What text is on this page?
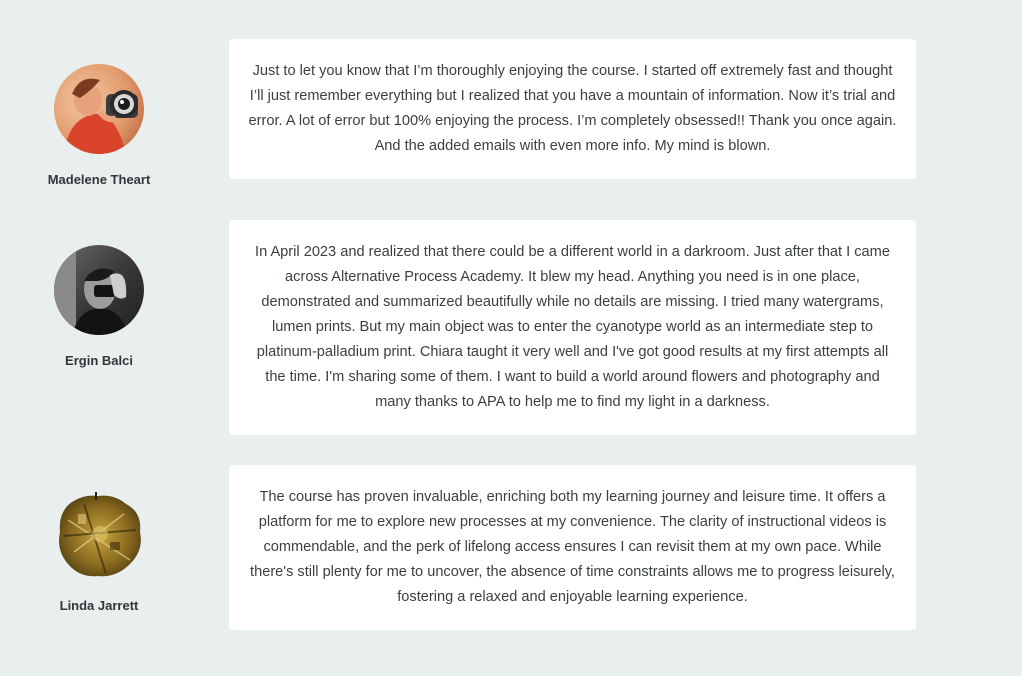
Madelene Theart

Just to let you know that I’m thoroughly enjoying the course. I started off extremely fast and thought I’ll just remember everything but I realized that you have a mountain of information. Now it’s trial and error. A lot of error but 100% enjoying the process. I’m completely obsessed!! Thank you once again. And the added emails with even more info. My mind is blown.

Ergin Balci

In April 2023 and realized that there could be a different world in a darkroom. Just after that I came across Alternative Process Academy. It blew my head. Anything you need is in one place, demonstrated and summarized beautifully while no details are missing. I tried many watergrams, lumen prints. But my main object was to enter the cyanotype world as an intermediate step to platinum-palladium print. Chiara taught it very well and I've got good results at my first attempts all the time. I'm sharing some of them. I want to build a world around flowers and photography and many thanks to APA to help me to find my light in a darkness.

Linda Jarrett

The course has proven invaluable, enriching both my learning journey and leisure time. It offers a platform for me to explore new processes at my convenience. The clarity of instructional videos is commendable, and the perk of lifelong access ensures I can revisit them at my own pace. While there's still plenty for me to uncover, the absence of time constraints allows me to progress leisurely, fostering a relaxed and enjoyable learning experience.
